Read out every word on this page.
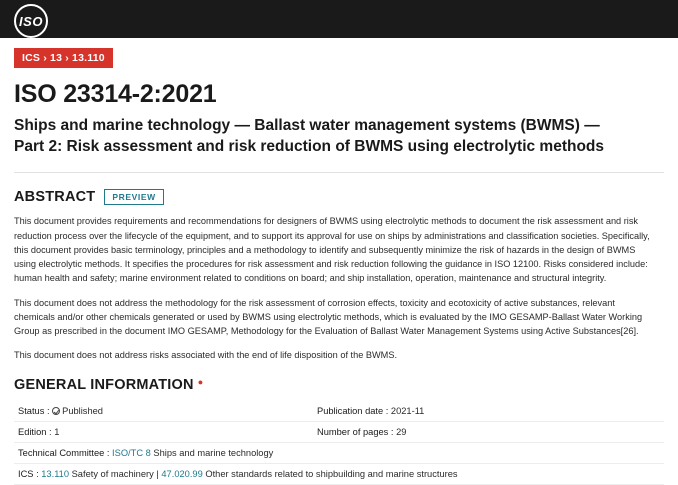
ISO
ICS › 13 › 13.110
ISO 23314-2:2021
Ships and marine technology — Ballast water management systems (BWMS) —
Part 2: Risk assessment and risk reduction of BWMS using electrolytic methods
ABSTRACT	PREVIEW

This document provides requirements and recommendations for designers of BWMS using electrolytic methods to document the risk assessment and risk reduction process over the lifecycle of the equipment, and to support its approval for use on ships by administrations and classification societies. Specifically, this document provides basic terminology, principles and a methodology to identify and subsequently minimize the risk of hazards in the design of BWMS using electrolytic methods. It specifies the procedures for risk assessment and risk reduction following the guidance in ISO 12100. Risks considered include: human health and safety; marine environment related to conditions on board; and ship installation, operation, maintenance and structural integrity.

This document does not address the methodology for the risk assessment of corrosion effects, toxicity and ecotoxicity of active substances, relevant chemicals and/or other chemicals generated or used by BWMS using electrolytic methods, which is evaluated by the IMO GESAMP-Ballast Water Working Group as prescribed in the document IMO GESAMP, Methodology for the Evaluation of Ballast Water Management Systems using Active Substances[26].

This document does not address risks associated with the end of life disposition of the BWMS.

GENERAL INFORMATION ●
Status : Published	Publication date : 2021-11
Edition : 1	Number of pages : 29
Technical Committee : ISO/TC 8 Ships and marine technology	
ICS : 13.110 Safety of machinery | 47.020.99 Other standards related to shipbuilding and marine structures	
